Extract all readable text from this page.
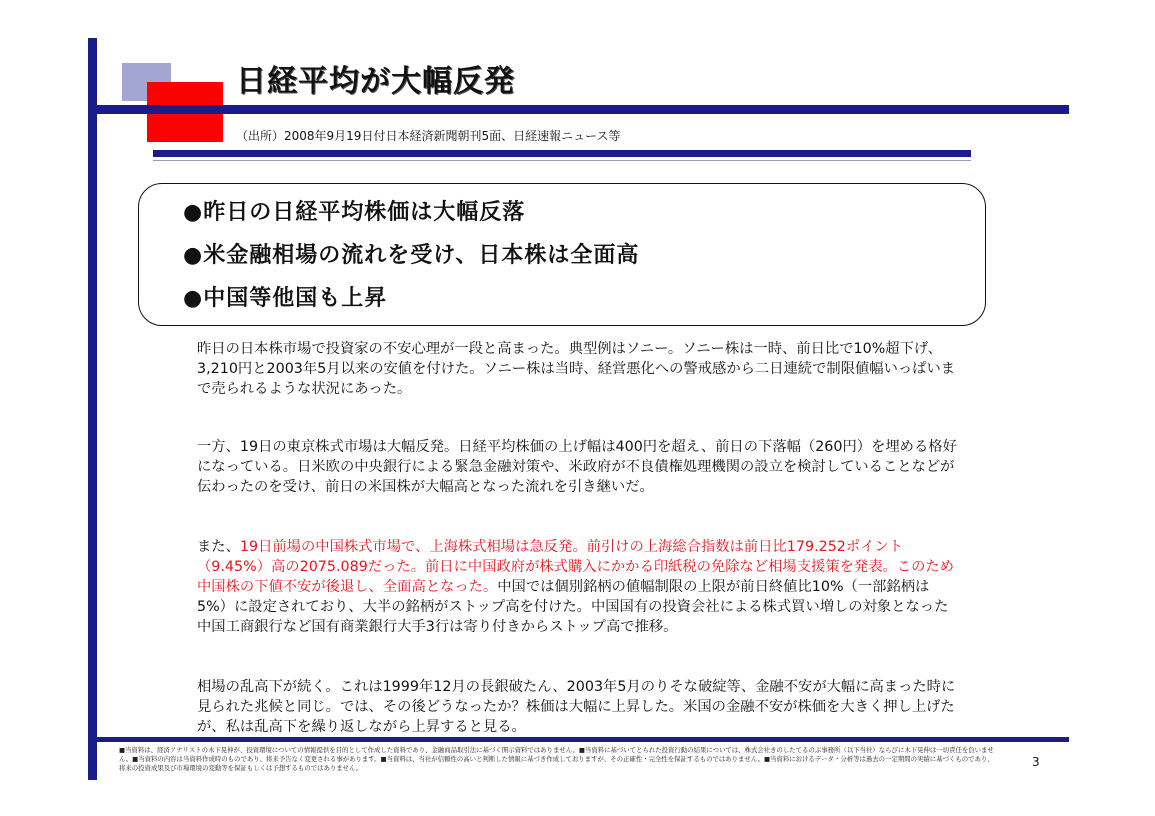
日経平均が大幅反発
（出所）2008年9月19日付日本経済新聞朝刊5面、日経速報ニュース等
●昨日の日経平均株価は大幅反落
●米金融相場の流れを受け、日本株は全面高
●中国等他国も上昇

昨日の日本株市場で投資家の不安心理が一段と高まった。典型例はソニー。ソニー株は一時、前日比で10%超下げ、3,210円と2003年5月以来の安値を付けた。ソニー株は当時、経営悪化への警戒感から二日連続で制限値幅いっぱいまで売られるような状況にあった。

一方、19日の東京株式市場は大幅反発。日経平均株価の上げ幅は400円を超え、前日の下落幅（260円）を埋める格好になっている。日米欧の中央銀行による緊急金融対策や、米政府が不良債権処理機関の設立を検討していることなどが伝わったのを受け、前日の米国株が大幅高となった流れを引き継いだ。

また、19日前場の中国株式市場で、上海株式相場は急反発。前引けの上海総合指数は前日比179.252ポイント（9.45%）高の2075.089だった。前日に中国政府が株式購入にかかる印紙税の免除など相場支援策を発表。このため中国株の下値不安が後退し、全面高となった。中国では個別銘柄の値幅制限の上限が前日終値比10%（一部銘柄は5%）に設定されており、大半の銘柄がストップ高を付けた。中国国有の投資会社による株式買い増しの対象となった中国工商銀行など国有商業銀行大手3行は寄り付きからストップ高で推移。

相場の乱高下が続く。これは1999年12月の長銀破たん、2003年5月のりそな破綻等、金融不安が大幅に高まった時に見られた兆候と同じ。では、その後どうなったか？株価は大幅に上昇した。米国の金融不安が株価を大きく押し上げたが、私は乱高下を繰り返しながら上昇すると見る。

■当資料は、経済アナリストの木下晃伸が、投資環境についての情報提供を目的として作成した資料であり、金融商品取引法に基づく開示資料ではありません。■当資料に基づいてとられた投資行動の結果については、株式会社きのしたてるのぶ事務所（以下当社）ならびに木下晃伸は一切責任を負いません。■当資料の内容は当資料作成時のものであり、将来予告なく変更される事があります。■当資料は、当社が信頼性の高いと判断した情報に基づき作成しておりますが、その正確性・完全性を保証するものではありません。■当資料におけるデータ・分析等は過去の一定期間の実績に基づくものであり、将来の投資成果及び市場環境の変動等を保証もしくは予想するものではありません。	3
